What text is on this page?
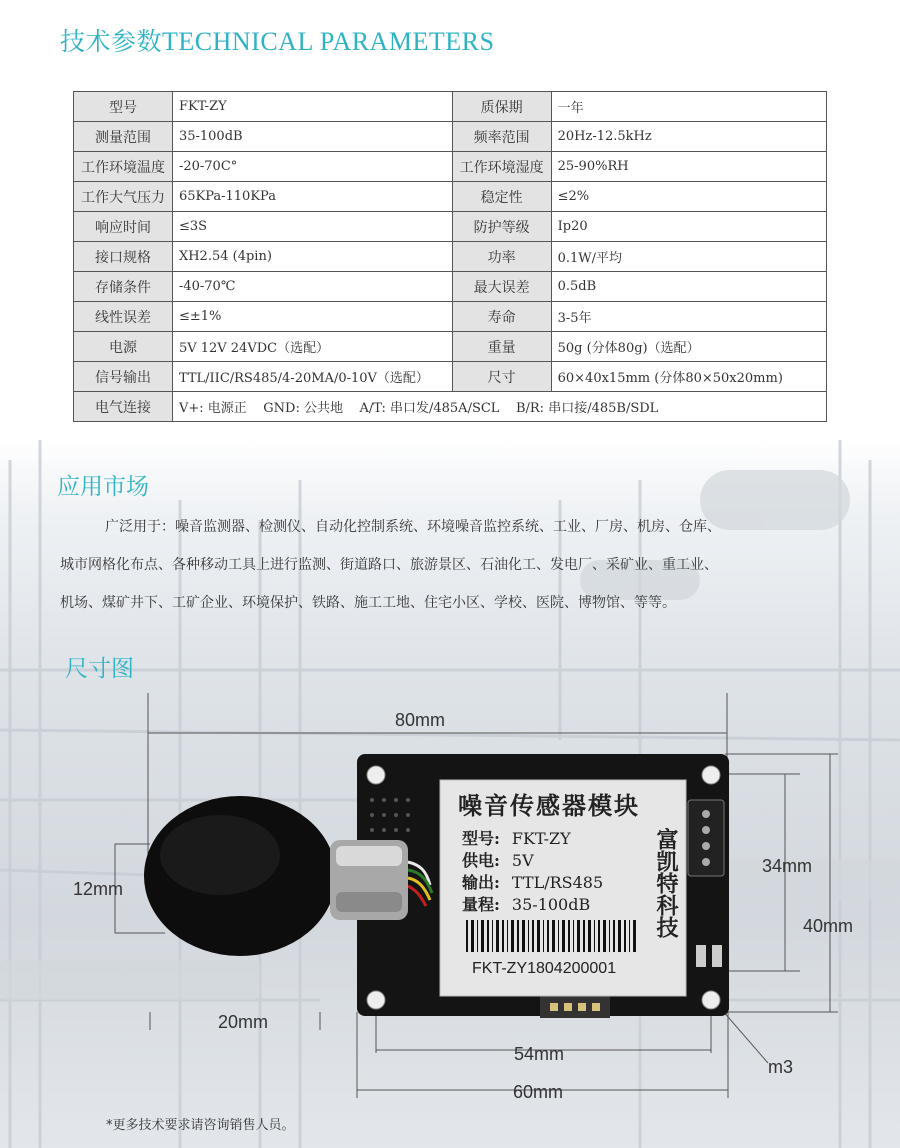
技术参数TECHNICAL PARAMETERS
型号	FKT-ZY	质保期	一年
测量范围	35-100dB	频率范围	20Hz-12.5kHz
工作环境温度	-20-70C°	工作环境湿度	25-90%RH
工作大气压力	65KPa-110KPa	稳定性	≤2%
响应时间	≤3S	防护等级	Ip20
接口规格	XH2.54 (4pin)	功率	0.1W/平均
存储条件	-40-70℃	最大误差	0.5dB
线性误差	≤±1%	寿命	3-5年
电源	5V 12V 24VDC（选配）	重量	50g (分体80g)（选配）
信号输出	TTL/IIC/RS485/4-20MA/0-10V（选配）	尺寸	60×40x15mm (分体80×50x20mm)
电气连接	V+: 电源正    GND: 公共地    A/T: 串口发/485A/SCL    B/R: 串口接/485B/SDL		
应用市场

广泛用于：噪音监测器、检测仪、自动化控制系统、环境噪音监控系统、工业、厂房、机房、仓库、

城市网格化布点、各种移动工具上进行监测、街道路口、旅游景区、石油化工、发电厂、采矿业、重工业、

机场、煤矿井下、工矿企业、环境保护、铁路、施工工地、住宅小区、学校、医院、博物馆、等等。

尺寸图
噪音传感器模块
型号: FKT-ZY
供电: 5V
输出: TTL/RS485
量程: 35-100dB	富凯特科技
FKT-ZY1804200001
80mm
12mm
34mm
40mm
20mm
54mm
60mm
m3
*更多技术要求请咨询销售人员。
